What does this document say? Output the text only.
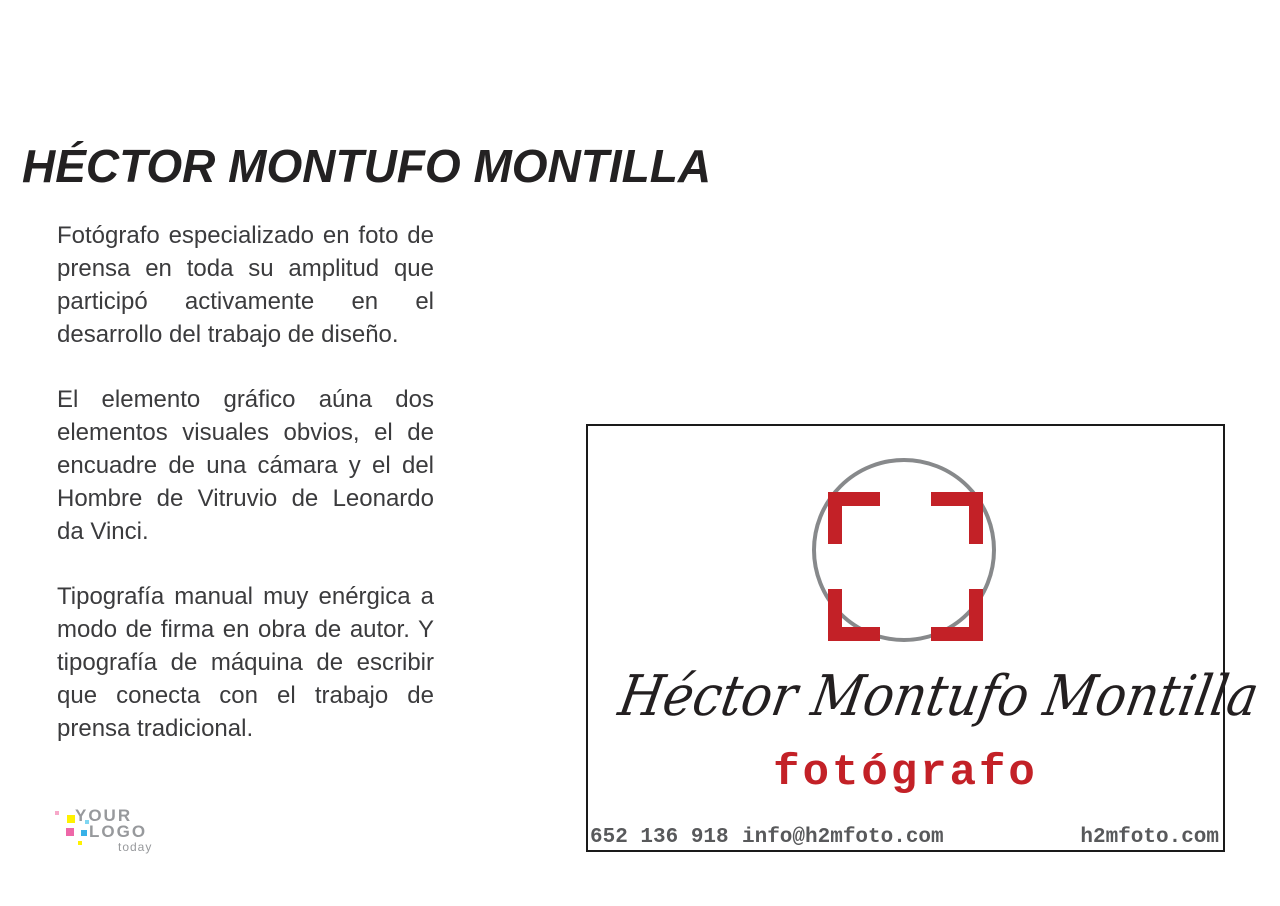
HÉCTOR MONTUFO MONTILLA

Fotógrafo especializado en foto de prensa en toda su amplitud que participó activamente en el desarrollo del trabajo de diseño.

El elemento gráfico aúna dos elementos visuales obvios, el de encuadre de una cámara y el del Hombre de Vitruvio de Leonardo da Vinci.

Tipografía manual muy enérgica a modo de firma en obra de autor. Y tipografía de máquina de escribir que conecta con el trabajo de prensa tradicional.

YOUR
LOGO
today
Héctor Montufo Montilla
fotógrafo
652 136 918 info@h2mfoto.com	h2mfoto.com
